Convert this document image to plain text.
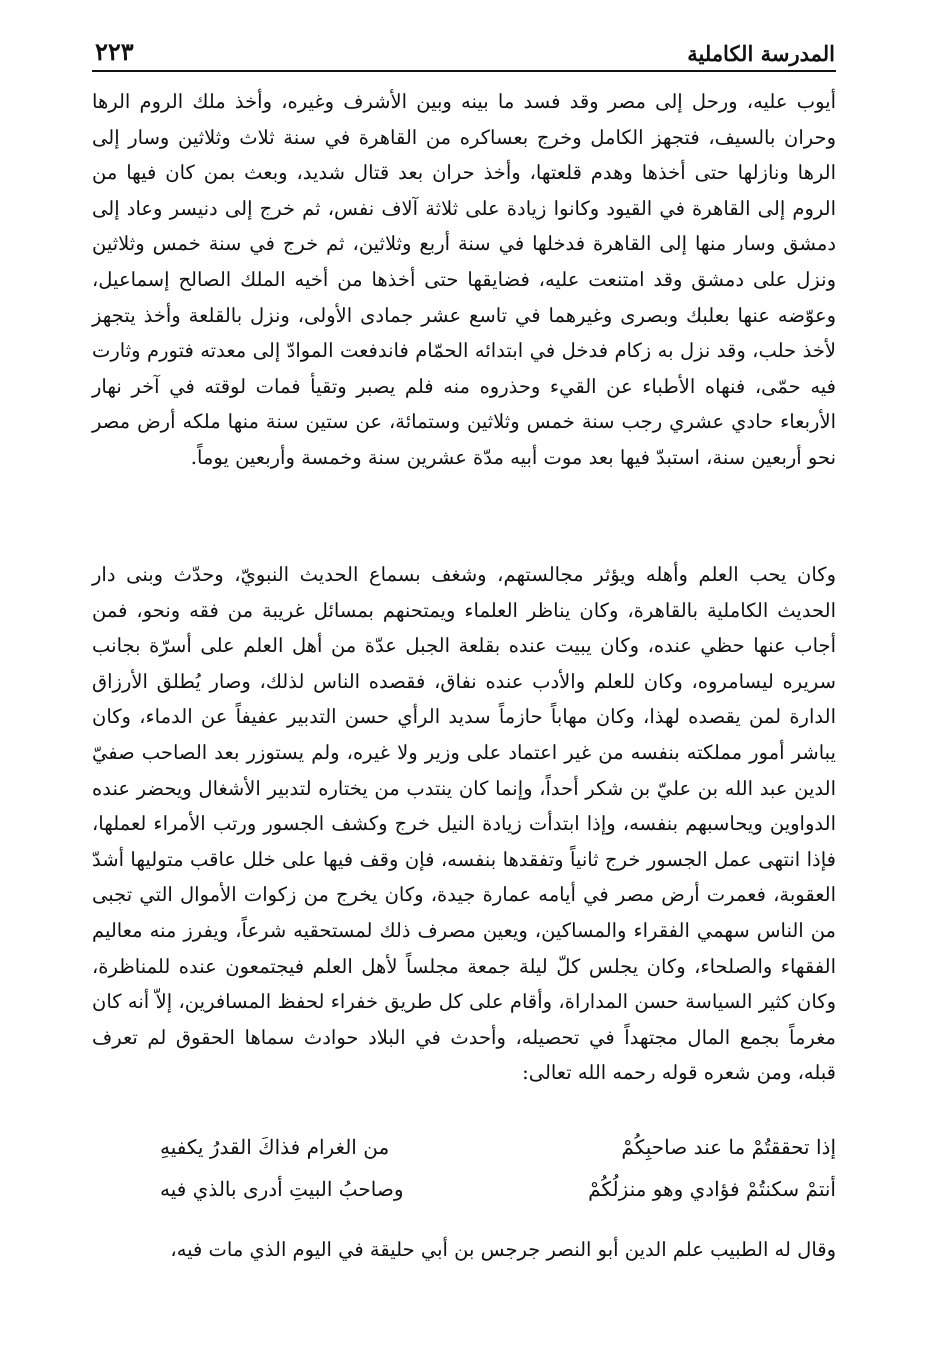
المدرسة الكاملية
٢٢٣

أيوب عليه، ورحل إلى مصر وقد فسد ما بينه وبين الأشرف وغيره، وأخذ ملك الروم الرها وحران بالسيف، فتجهز الكامل وخرج بعساكره من القاهرة في سنة ثلاث وثلاثين وسار إلى الرها ونازلها حتى أخذها وهدم قلعتها، وأخذ حران بعد قتال شديد، وبعث بمن كان فيها من الروم إلى القاهرة في القيود وكانوا زيادة على ثلاثة آلاف نفس، ثم خرج إلى دنيسر وعاد إلى دمشق وسار منها إلى القاهرة فدخلها في سنة أربع وثلاثين، ثم خرج في سنة خمس وثلاثين ونزل على دمشق وقد امتنعت عليه، فضايقها حتى أخذها من أخيه الملك الصالح إسماعيل، وعوّضه عنها بعلبك وبصرى وغيرهما في تاسع عشر جمادى الأولى، ونزل بالقلعة وأخذ يتجهز لأخذ حلب، وقد نزل به زكام فدخل في ابتدائه الحمّام فاندفعت الموادّ إلى معدته فتورم وثارت فيه حمّى، فنهاه الأطباء عن القيء وحذروه منه فلم يصبر وتقيأ فمات لوقته في آخر نهار الأربعاء حادي عشري رجب سنة خمس وثلاثين وستمائة، عن ستين سنة منها ملكه أرض مصر نحو أربعين سنة، استبدّ فيها بعد موت أبيه مدّة عشرين سنة وخمسة وأربعين يوماً.

وكان يحب العلم وأهله ويؤثر مجالستهم، وشغف بسماع الحديث النبويّ، وحدّث وبنى دار الحديث الكاملية بالقاهرة، وكان يناظر العلماء ويمتحنهم بمسائل غريبة من فقه ونحو، فمن أجاب عنها حظي عنده، وكان يبيت عنده بقلعة الجبل عدّة من أهل العلم على أسرّة بجانب سريره ليسامروه، وكان للعلم والأدب عنده نفاق، فقصده الناس لذلك، وصار يُطلق الأرزاق الدارة لمن يقصده لهذا، وكان مهاباً حازماً سديد الرأي حسن التدبير عفيفاً عن الدماء، وكان يباشر أمور مملكته بنفسه من غير اعتماد على وزير ولا غيره، ولم يستوزر بعد الصاحب صفيّ الدين عبد الله بن عليّ بن شكر أحداً، وإنما كان ينتدب من يختاره لتدبير الأشغال ويحضر عنده الدواوين ويحاسبهم بنفسه، وإذا ابتدأت زيادة النيل خرج وكشف الجسور ورتب الأمراء لعملها، فإذا انتهى عمل الجسور خرج ثانياً وتفقدها بنفسه، فإن وقف فيها على خلل عاقب متوليها أشدّ العقوبة، فعمرت أرض مصر في أيامه عمارة جيدة، وكان يخرج من زكوات الأموال التي تجبى من الناس سهمي الفقراء والمساكين، ويعين مصرف ذلك لمستحقيه شرعاً، ويفرز منه معاليم الفقهاء والصلحاء، وكان يجلس كلّ ليلة جمعة مجلساً لأهل العلم فيجتمعون عنده للمناظرة، وكان كثير السياسة حسن المداراة، وأقام على كل طريق خفراء لحفظ المسافرين، إلاّ أنه كان مغرماً بجمع المال مجتهداً في تحصيله، وأحدث في البلاد حوادث سماها الحقوق لم تعرف قبله، ومن شعره قوله رحمه الله تعالى:

إذا تحققتُمْ ما عند صاحبِكُمْ
من الغرام فذاكَ القدرُ يكفيهِ
أنتمْ سكنتُمْ فؤادي وهو منزلُكُمْ
وصاحبُ البيتِ أدرى بالذي فيه

وقال له الطبيب علم الدين أبو النصر جرجس بن أبي حليقة في اليوم الذي مات فيه،
